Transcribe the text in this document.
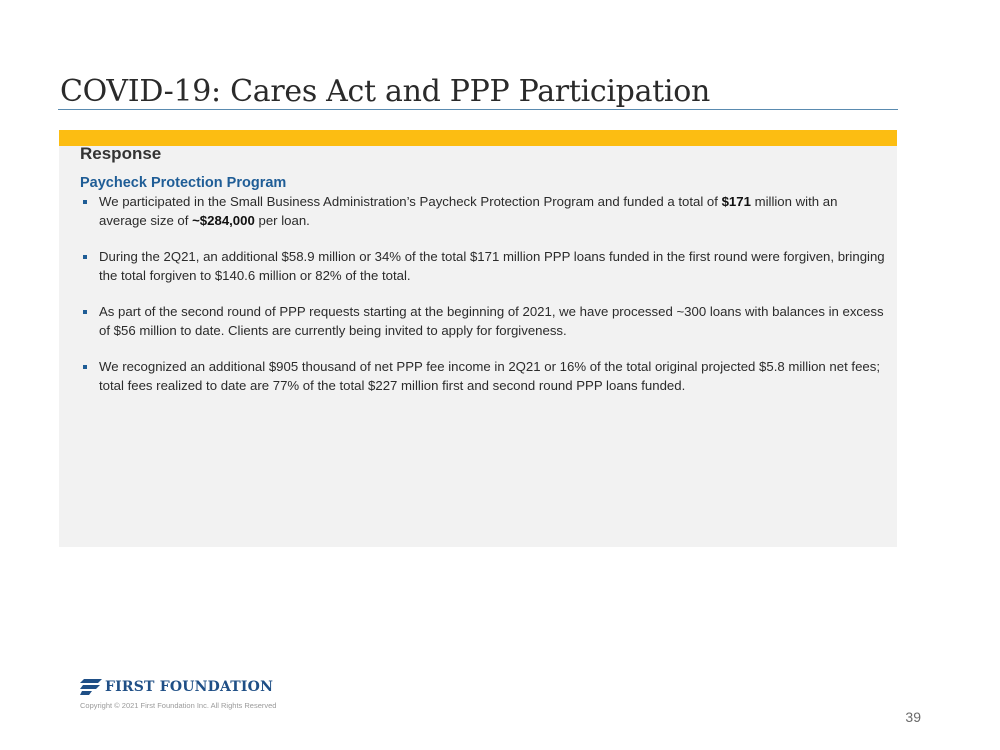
COVID-19: Cares Act and PPP Participation
Response
Paycheck Protection Program
We participated in the Small Business Administration’s Paycheck Protection Program and funded a total of $171 million with an average size of ~$284,000 per loan.
During the 2Q21, an additional $58.9 million or 34% of the total $171 million PPP loans funded in the first round were forgiven, bringing the total forgiven to $140.6 million or 82% of the total.
As part of the second round of PPP requests starting at the beginning of 2021, we have processed ~300 loans with balances in excess of $56 million to date. Clients are currently being invited to apply for forgiveness.
We recognized an additional $905 thousand of net PPP fee income in 2Q21 or 16% of the total original projected $5.8 million net fees; total fees realized to date are 77% of the total $227 million first and second round PPP loans funded.
FIRST FOUNDATION
Copyright © 2021 First Foundation Inc. All Rights Reserved
39
